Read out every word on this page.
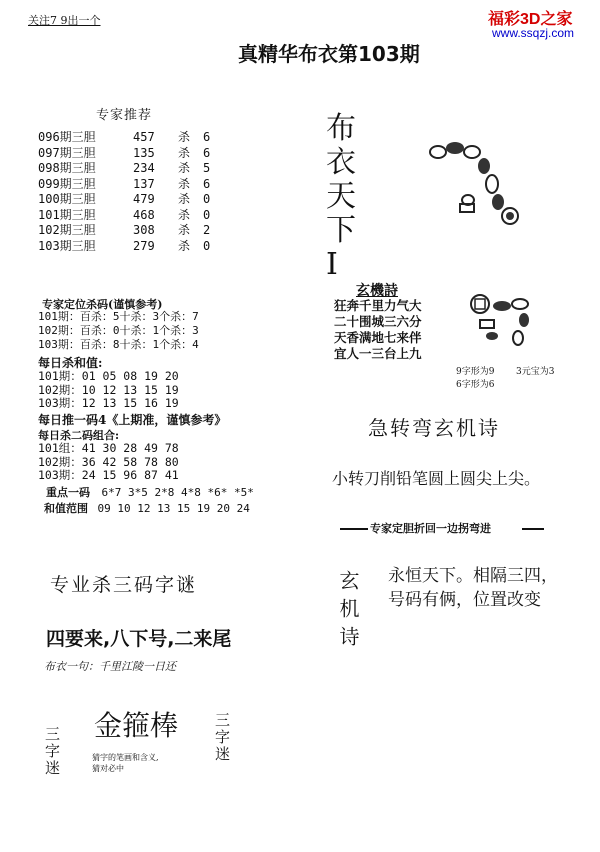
关注7 9出一个	福彩3D之家
www.ssqzj.com
真精华布衣第103期
专家推荐
096期三胆	457 杀 6
097期三胆	135 杀 6
098期三胆	234 杀 5
099期三胆	137 杀 6
100期三胆	479 杀 0
101期三胆	468 杀 0
102期三胆	308 杀 2
103期三胆	279 杀 0
专家定位杀码(谨慎参考)
101期：百杀：5十杀：3个杀：7
102期：百杀：0十杀：1个杀：3
103期：百杀：8十杀：1个杀：4
每日杀和值:
101期：01 05 08 19 20
102期：10 12 13 15 19
103期：12 13 15 16 19
每日推一码4《上期准，谨慎参考》
每日杀二码组合:
101组：41 30 28 49 78
102期：36 42 58 78 80
103期：24 15 96 87 41
重点一码 6*7 3*5 2*8 4*8 *6* *5*
和值范围 09 10 12 13 15 19 20 24
专业杀三码字谜
四要来,八下号,二来尾
布衣一句：千里江陵一日还
三字迷	三字迷
金箍棒
猜字的笔画和含义,猜对必中
布衣天下I
玄機詩
狂奔千里力气大
二十围城三六分
天香满地七来伴
宜人一三台上九
9字形为9 3元宝为3
6字形为6
急转弯玄机诗
小转刀削铅笔圆上圆尖上尖。
专家定胆折回一边拐弯进
玄机诗 永恒天下。相隔三四，
号码有俩，位置改变
